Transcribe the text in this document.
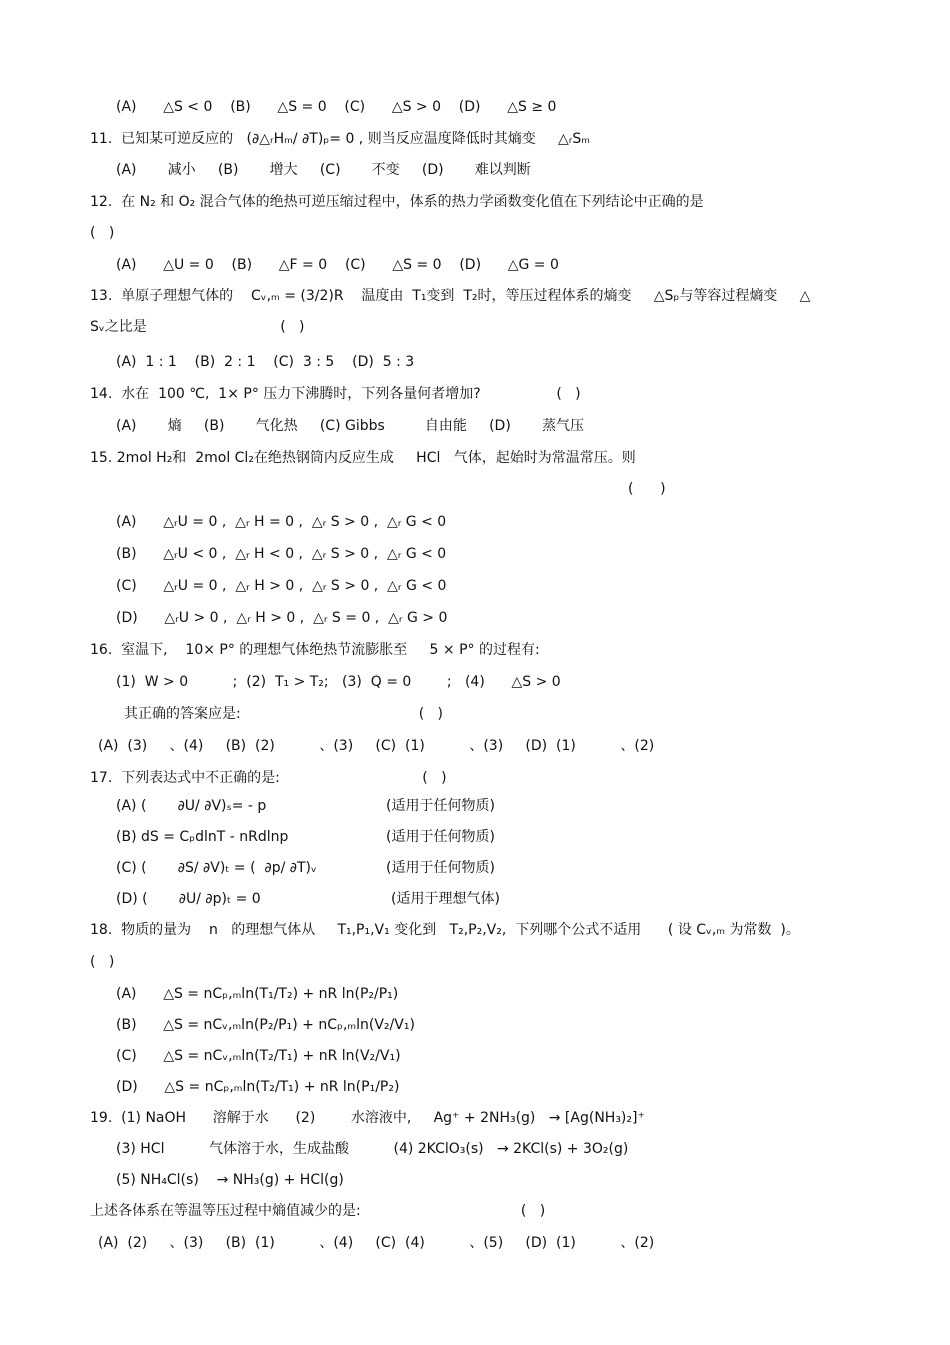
(A)      △S < 0    (B)      △S = 0    (C)      △S > 0    (D)      △S ≥ 0
11.  已知某可逆反应的   (∂△ᵣHₘ/ ∂T)ₚ= 0 , 则当反应温度降低时其熵变     △ᵣSₘ
(A)       减小     (B)       增大     (C)       不变     (D)       难以判断
12.  在 N₂ 和 O₂ 混合气体的绝热可逆压缩过程中，体系的热力学函数变化值在下列结论中正确的是
(   )
(A)      △U = 0    (B)      △F = 0    (C)      △S = 0    (D)      △G = 0
13.  单原子理想气体的    Cᵥ,ₘ = (3/2)R    温度由  T₁变到  T₂时，等压过程体系的熵变     △Sₚ与等容过程熵变     △
Sᵥ之比是                              (   )
(A)  1 : 1    (B)  2 : 1    (C)  3 : 5    (D)  5 : 3
14.  水在  100 ℃,  1× P° 压力下沸腾时，下列各量何者增加?                 (   )
(A)       熵     (B)       气化热     (C) Gibbs         自由能     (D)       蒸气压
15. 2mol H₂和  2mol Cl₂在绝热钢筒内反应生成     HCl   气体，起始时为常温常压。则
(      )
(A)      △ᵣU = 0 ,  △ᵣ H = 0 ,  △ᵣ S > 0 ,  △ᵣ G < 0
(B)      △ᵣU < 0 ,  △ᵣ H < 0 ,  △ᵣ S > 0 ,  △ᵣ G < 0
(C)      △ᵣU = 0 ,  △ᵣ H > 0 ,  △ᵣ S > 0 ,  △ᵣ G < 0
(D)      △ᵣU > 0 ,  △ᵣ H > 0 ,  △ᵣ S = 0 ,  △ᵣ G > 0
16.  室温下,    10× P° 的理想气体绝热节流膨胀至     5 × P° 的过程有:
(1)  W > 0          ;  (2)  T₁ > T₂;   (3)  Q = 0        ;   (4)      △S > 0
其正确的答案应是:                                        (   )
(A)  (3)     、(4)     (B)  (2)          、(3)     (C)  (1)          、(3)     (D)  (1)          、(2)
17.  下列表达式中不正确的是:                                (   )
(A) (       ∂U/ ∂V)ₛ= - p	(适用于任何物质)
(B) dS = CₚdlnT - nRdlnp	(适用于任何物质)
(C) (       ∂S/ ∂V)ₜ = (  ∂p/ ∂T)ᵥ	(适用于任何物质)
(D) (       ∂U/ ∂p)ₜ = 0	(适用于理想气体)
18.  物质的量为    n   的理想气体从     T₁,P₁,V₁ 变化到   T₂,P₂,V₂,  下列哪个公式不适用      ( 设 Cᵥ,ₘ 为常数  )。
(   )
(A)      △S = nCₚ,ₘln(T₁/T₂) + nR ln(P₂/P₁)
(B)      △S = nCᵥ,ₘln(P₂/P₁) + nCₚ,ₘln(V₂/V₁)
(C)      △S = nCᵥ,ₘln(T₂/T₁) + nR ln(V₂/V₁)
(D)      △S = nCₚ,ₘln(T₂/T₁) + nR ln(P₁/P₂)
19.  (1) NaOH      溶解于水      (2)        水溶液中,     Ag⁺ + 2NH₃(g)   → [Ag(NH₃)₂]⁺
(3) HCl          气体溶于水，生成盐酸          (4) 2KClO₃(s)   → 2KCl(s) + 3O₂(g)
(5) NH₄Cl(s)    → NH₃(g) + HCl(g)
上述各体系在等温等压过程中熵值减少的是:                                    (   )
(A)  (2)     、(3)     (B)  (1)          、(4)     (C)  (4)          、(5)     (D)  (1)          、(2)
